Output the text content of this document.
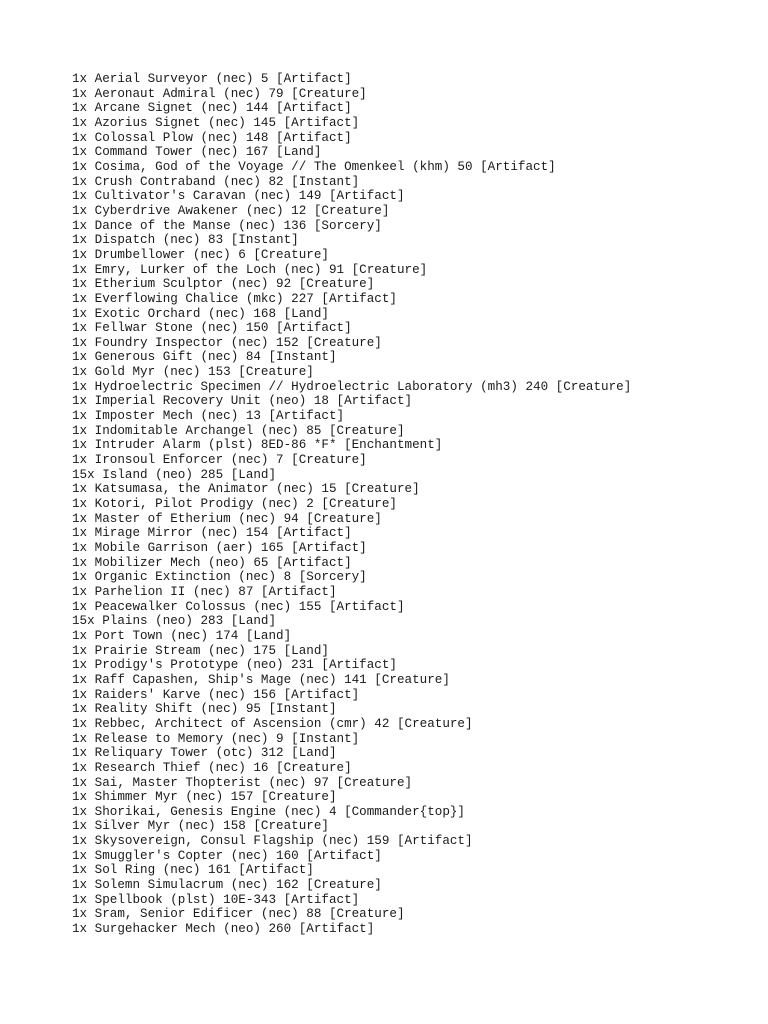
1x Aerial Surveyor (nec) 5 [Artifact]
1x Aeronaut Admiral (nec) 79 [Creature]
1x Arcane Signet (nec) 144 [Artifact]
1x Azorius Signet (nec) 145 [Artifact]
1x Colossal Plow (nec) 148 [Artifact]
1x Command Tower (nec) 167 [Land]
1x Cosima, God of the Voyage // The Omenkeel (khm) 50 [Artifact]
1x Crush Contraband (nec) 82 [Instant]
1x Cultivator's Caravan (nec) 149 [Artifact]
1x Cyberdrive Awakener (nec) 12 [Creature]
1x Dance of the Manse (nec) 136 [Sorcery]
1x Dispatch (nec) 83 [Instant]
1x Drumbellower (nec) 6 [Creature]
1x Emry, Lurker of the Loch (nec) 91 [Creature]
1x Etherium Sculptor (nec) 92 [Creature]
1x Everflowing Chalice (mkc) 227 [Artifact]
1x Exotic Orchard (nec) 168 [Land]
1x Fellwar Stone (nec) 150 [Artifact]
1x Foundry Inspector (nec) 152 [Creature]
1x Generous Gift (nec) 84 [Instant]
1x Gold Myr (nec) 153 [Creature]
1x Hydroelectric Specimen // Hydroelectric Laboratory (mh3) 240 [Creature]
1x Imperial Recovery Unit (neo) 18 [Artifact]
1x Imposter Mech (nec) 13 [Artifact]
1x Indomitable Archangel (nec) 85 [Creature]
1x Intruder Alarm (plst) 8ED-86 *F* [Enchantment]
1x Ironsoul Enforcer (nec) 7 [Creature]
15x Island (neo) 285 [Land]
1x Katsumasa, the Animator (nec) 15 [Creature]
1x Kotori, Pilot Prodigy (nec) 2 [Creature]
1x Master of Etherium (nec) 94 [Creature]
1x Mirage Mirror (nec) 154 [Artifact]
1x Mobile Garrison (aer) 165 [Artifact]
1x Mobilizer Mech (neo) 65 [Artifact]
1x Organic Extinction (nec) 8 [Sorcery]
1x Parhelion II (nec) 87 [Artifact]
1x Peacewalker Colossus (nec) 155 [Artifact]
15x Plains (neo) 283 [Land]
1x Port Town (nec) 174 [Land]
1x Prairie Stream (nec) 175 [Land]
1x Prodigy's Prototype (neo) 231 [Artifact]
1x Raff Capashen, Ship's Mage (nec) 141 [Creature]
1x Raiders' Karve (nec) 156 [Artifact]
1x Reality Shift (nec) 95 [Instant]
1x Rebbec, Architect of Ascension (cmr) 42 [Creature]
1x Release to Memory (nec) 9 [Instant]
1x Reliquary Tower (otc) 312 [Land]
1x Research Thief (nec) 16 [Creature]
1x Sai, Master Thopterist (nec) 97 [Creature]
1x Shimmer Myr (nec) 157 [Creature]
1x Shorikai, Genesis Engine (nec) 4 [Commander{top}]
1x Silver Myr (nec) 158 [Creature]
1x Skysovereign, Consul Flagship (nec) 159 [Artifact]
1x Smuggler's Copter (nec) 160 [Artifact]
1x Sol Ring (nec) 161 [Artifact]
1x Solemn Simulacrum (nec) 162 [Creature]
1x Spellbook (plst) 10E-343 [Artifact]
1x Sram, Senior Edificer (nec) 88 [Creature]
1x Surgehacker Mech (neo) 260 [Artifact]
